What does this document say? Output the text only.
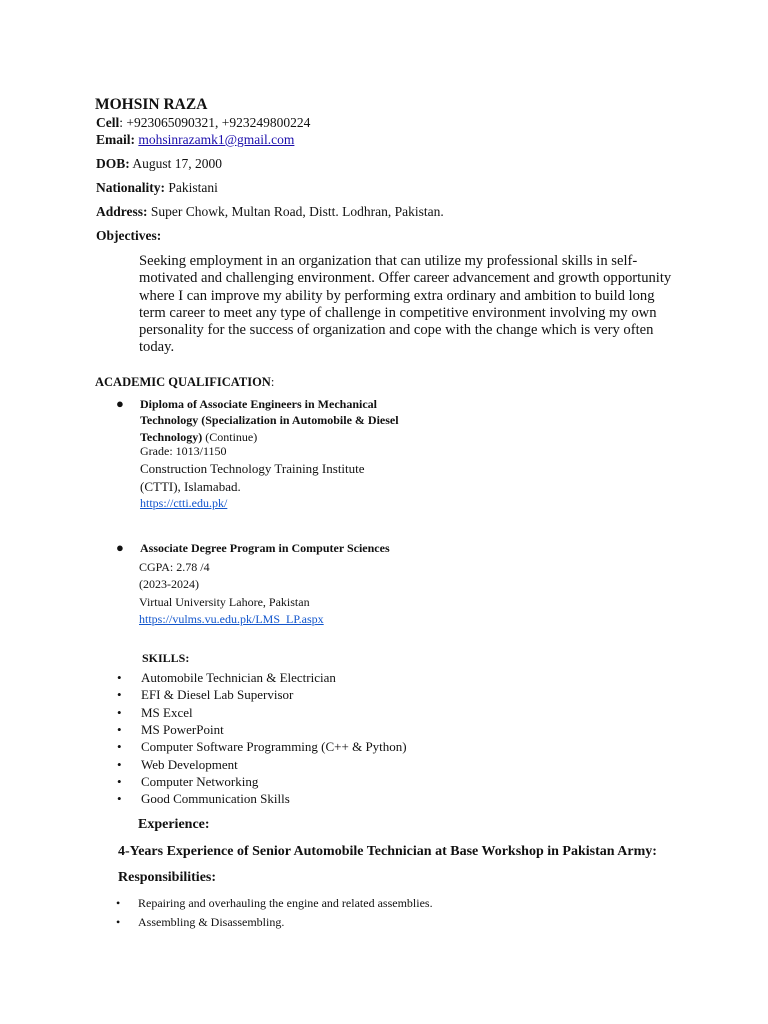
MOHSIN RAZA
Cell: +923065090321, +923249800224
Email: mohsinrazamk1@gmail.com
DOB: August 17, 2000
Nationality: Pakistani
Address: Super Chowk, Multan Road, Distt. Lodhran, Pakistan.
Objectives:
Seeking employment in an organization that can utilize my professional skills in self-motivated and challenging environment. Offer career advancement and growth opportunity where I can improve my ability by performing extra ordinary and ambition to build long term career to meet any type of challenge in competitive environment involving my own personality for the success of organization and cope with the change which is very often today.
ACADEMIC QUALIFICATION:
● Diploma of Associate Engineers in Mechanical Technology (Specialization in Automobile & Diesel Technology) (Continue)
Grade: 1013/1150
Construction Technology Training Institute
(CTTI), Islamabad.
https://ctti.edu.pk/
● Associate Degree Program in Computer Sciences
CGPA: 2.78 /4
(2023-2024)
Virtual University Lahore, Pakistan
https://vulms.vu.edu.pk/LMS_LP.aspx
SKILLS:
• Automobile Technician & Electrician
• EFI & Diesel Lab Supervisor
• MS Excel
• MS PowerPoint
• Computer Software Programming (C++ & Python)
• Web Development
• Computer Networking
• Good Communication Skills
Experience:
4-Years Experience of Senior Automobile Technician at Base Workshop in Pakistan Army:
Responsibilities:
• Repairing and overhauling the engine and related assemblies.
• Assembling & Disassembling.
